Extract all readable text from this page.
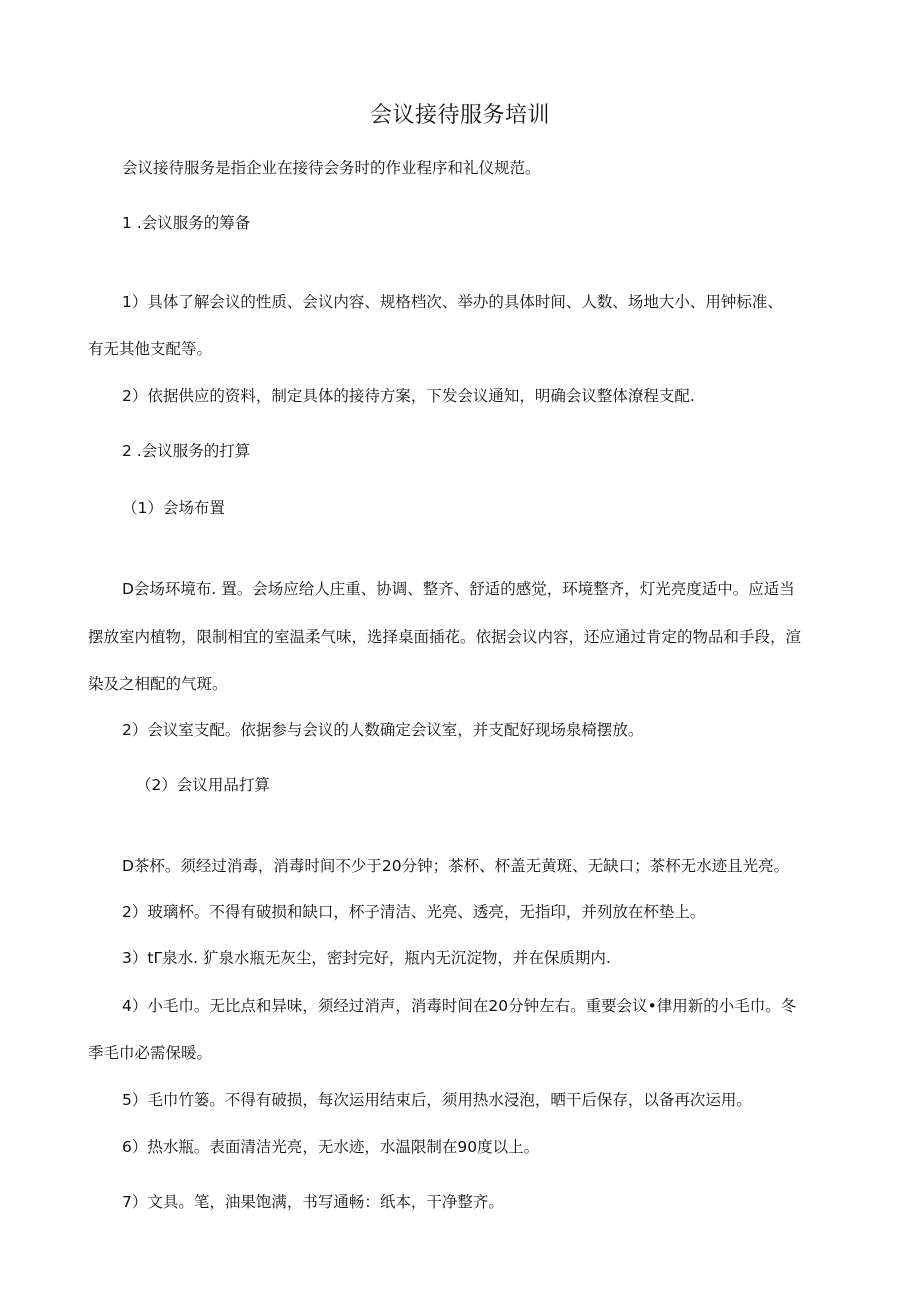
会议接待服务培训
会议接待服务是指企业在接待会务时的作业程序和礼仪规范。
1 .会议服务的筹备
1）具体了解会议的性质、会议内容、规格档次、举办的具体时间、人数、场地大小、用钟标准、
有无其他支配等。
2）依据供应的资料，制定具体的接待方案，下发会议通知，明确会议整体潦程支配.
2 .会议服务的打算
（1）会场布置
D会场环境布. 置。会场应给人庄重、协调、整齐、舒适的感觉，环境整齐，灯光亮度适中。应适当
摆放室内植物，限制相宜的室温柔气味，选择桌面插花。依据会议内容，还应通过肯定的物品和手段，渲
染及之相配的气斑。
2）会议室支配。依据参与会议的人数确定会议室，并支配好现场泉椅摆放。
（2）会议用品打算
D茶杯。须经过消毒，消毒时间不少于20分钟；茶杯、杯盖无黄斑、无缺口；茶杯无水迹且光亮。
2）玻璃杯。不得有破损和缺口，杯子清洁、光亮、透亮，无指印，并列放在杯垫上。
3）tΓ泉水. 犷泉水瓶无灰尘，密封完好，瓶内无沉淀物，并在保质期内.
4）小毛巾。无比点和异味，须经过消声，消毒时间在20分钟左右。重要会议•律用新的小毛巾。冬
季毛巾必需保暖。
5）毛巾竹篓。不得有破损，每次运用结束后，须用热水浸泡，晒干后保存，以备再次运用。
6）热水瓶。表面清洁光亮，无水迹，水温限制在90度以上。
7）文具。笔，油果饱满，书写通畅：纸本，干净整齐。
